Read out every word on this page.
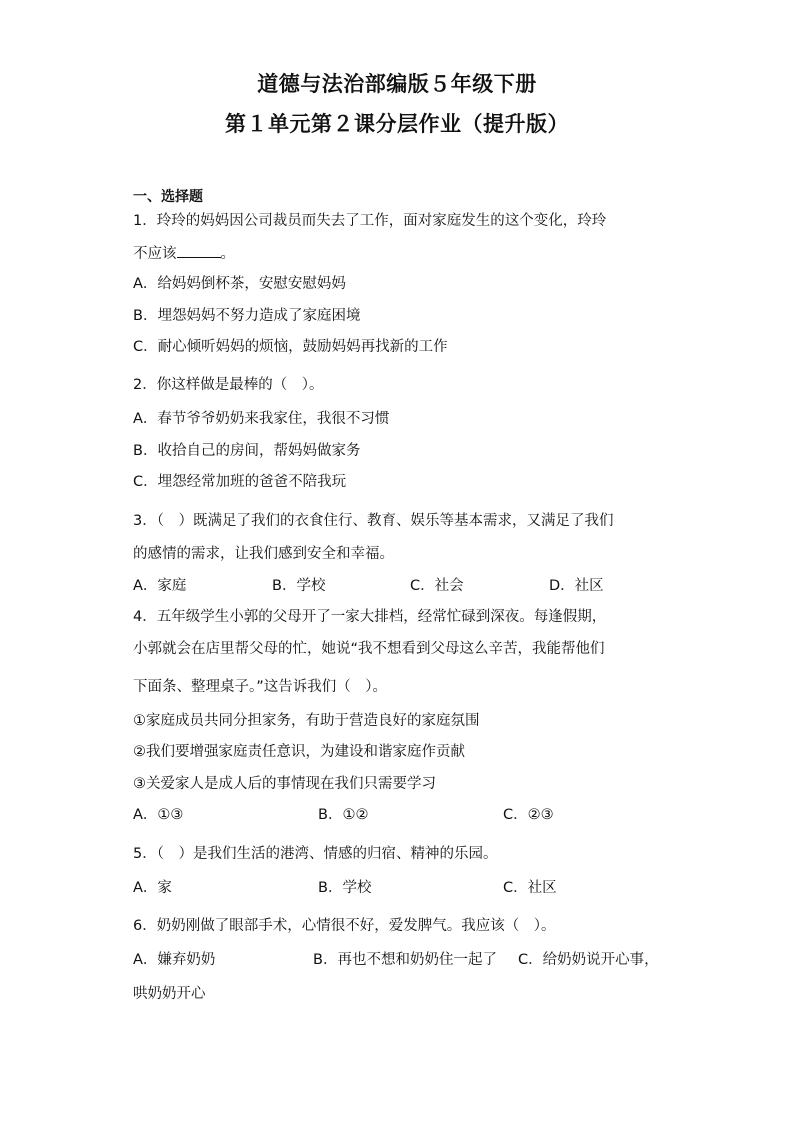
道德与法治部编版５年级下册
第１单元第２课分层作业（提升版）
一、选择题
1．玲玲的妈妈因公司裁员而失去了工作，面对家庭发生的这个变化，玲玲
不应该	。
A．给妈妈倒杯茶，安慰安慰妈妈
B．埋怨妈妈不努力造成了家庭困境
C．耐心倾听妈妈的烦恼，鼓励妈妈再找新的工作
2．你这样做是最棒的（　）。
A．春节爷爷奶奶来我家住，我很不习惯
B．收拾自己的房间，帮妈妈做家务
C．埋怨经常加班的爸爸不陪我玩
3．（　）既满足了我们的衣食住行、教育、娱乐等基本需求，又满足了我们
的感情的需求，让我们感到安全和幸福。
A．家庭	B．学校	C．社会	D．社区
4．五年级学生小郭的父母开了一家大排档，经常忙碌到深夜。每逢假期，
小郭就会在店里帮父母的忙，她说“我不想看到父母这么辛苦，我能帮他们
下面条、整理桌子。”这告诉我们（　）。
①家庭成员共同分担家务，有助于营造良好的家庭氛围
②我们要增强家庭责任意识，为建设和谐家庭作贡献
③关爱家人是成人后的事情现在我们只需要学习
A．①③	B．①②	C．②③
5．（　）是我们生活的港湾、情感的归宿、精神的乐园。
A．家	B．学校	C．社区
6．奶奶刚做了眼部手术，心情很不好，爱发脾气。我应该（　）。
A．嫌弃奶奶	B．再也不想和奶奶住一起了 C．给奶奶说开心事，
哄奶奶开心
